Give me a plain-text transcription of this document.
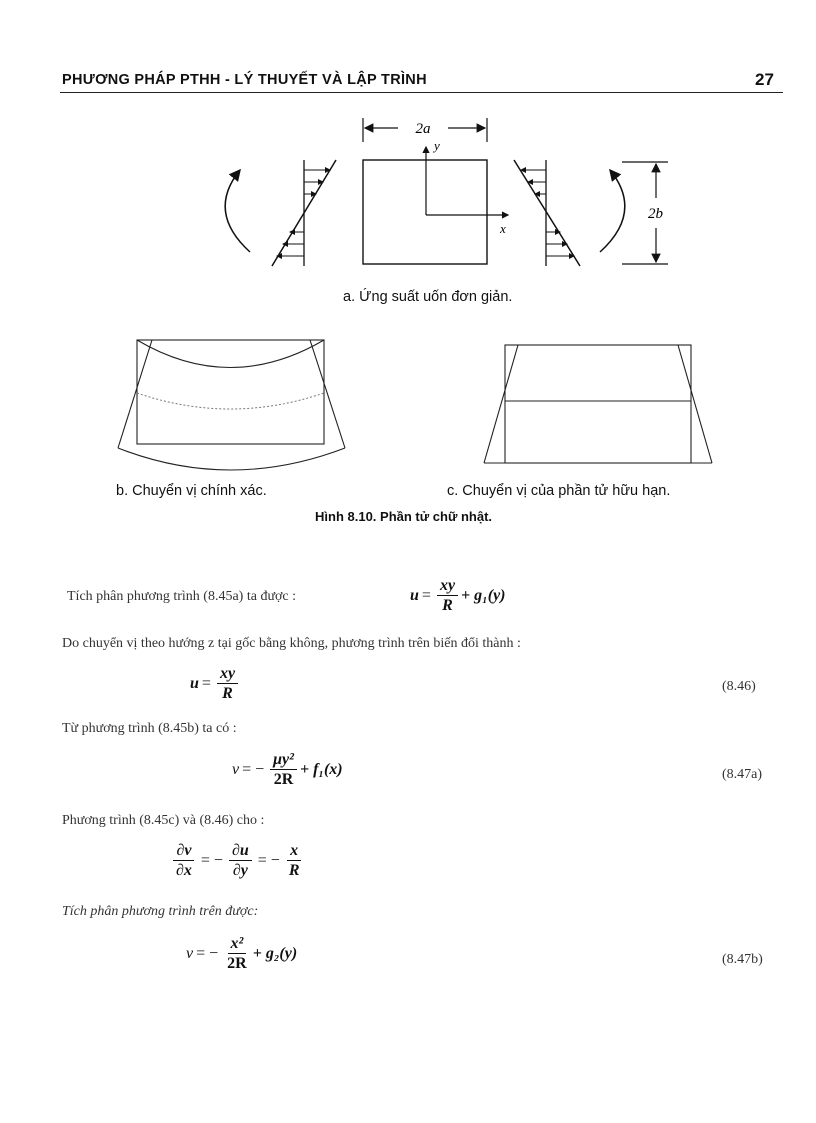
PHƯƠNG PHÁP PTHH - LÝ THUYẾT VÀ LẬP TRÌNH	27
2a
y
x
2b
a. Ứng suất uốn đơn giản.
b. Chuyển vị chính xác.	c. Chuyển vị của phần tử hữu hạn.
Hình 8.10. Phần tử chữ nhật.
Tích phân phương trình (8.45a) ta được :	$u = \frac{xy}{R} + g_1(y)$
Do chuyển vị theo hướng z tại gốc bằng không, phương trình trên biến đổi thành :
$u = \frac{xy}{R}$	(8.46)
Từ phương trình (8.45b) ta có :
v = − $\frac{\text{μy²}}{2R} + f_1(x)$	(8.47a)
Phương trình (8.45c) và (8.46) cho :
$\frac{\partial v}{\partial x}$ = − $\frac{\partial u}{\partial y}$ = − $\frac{x}{R}$
Tích phân phương trình trên được:
v = − $\frac{\text{x²}}{2R} + g_2(y)$	(8.47b)
